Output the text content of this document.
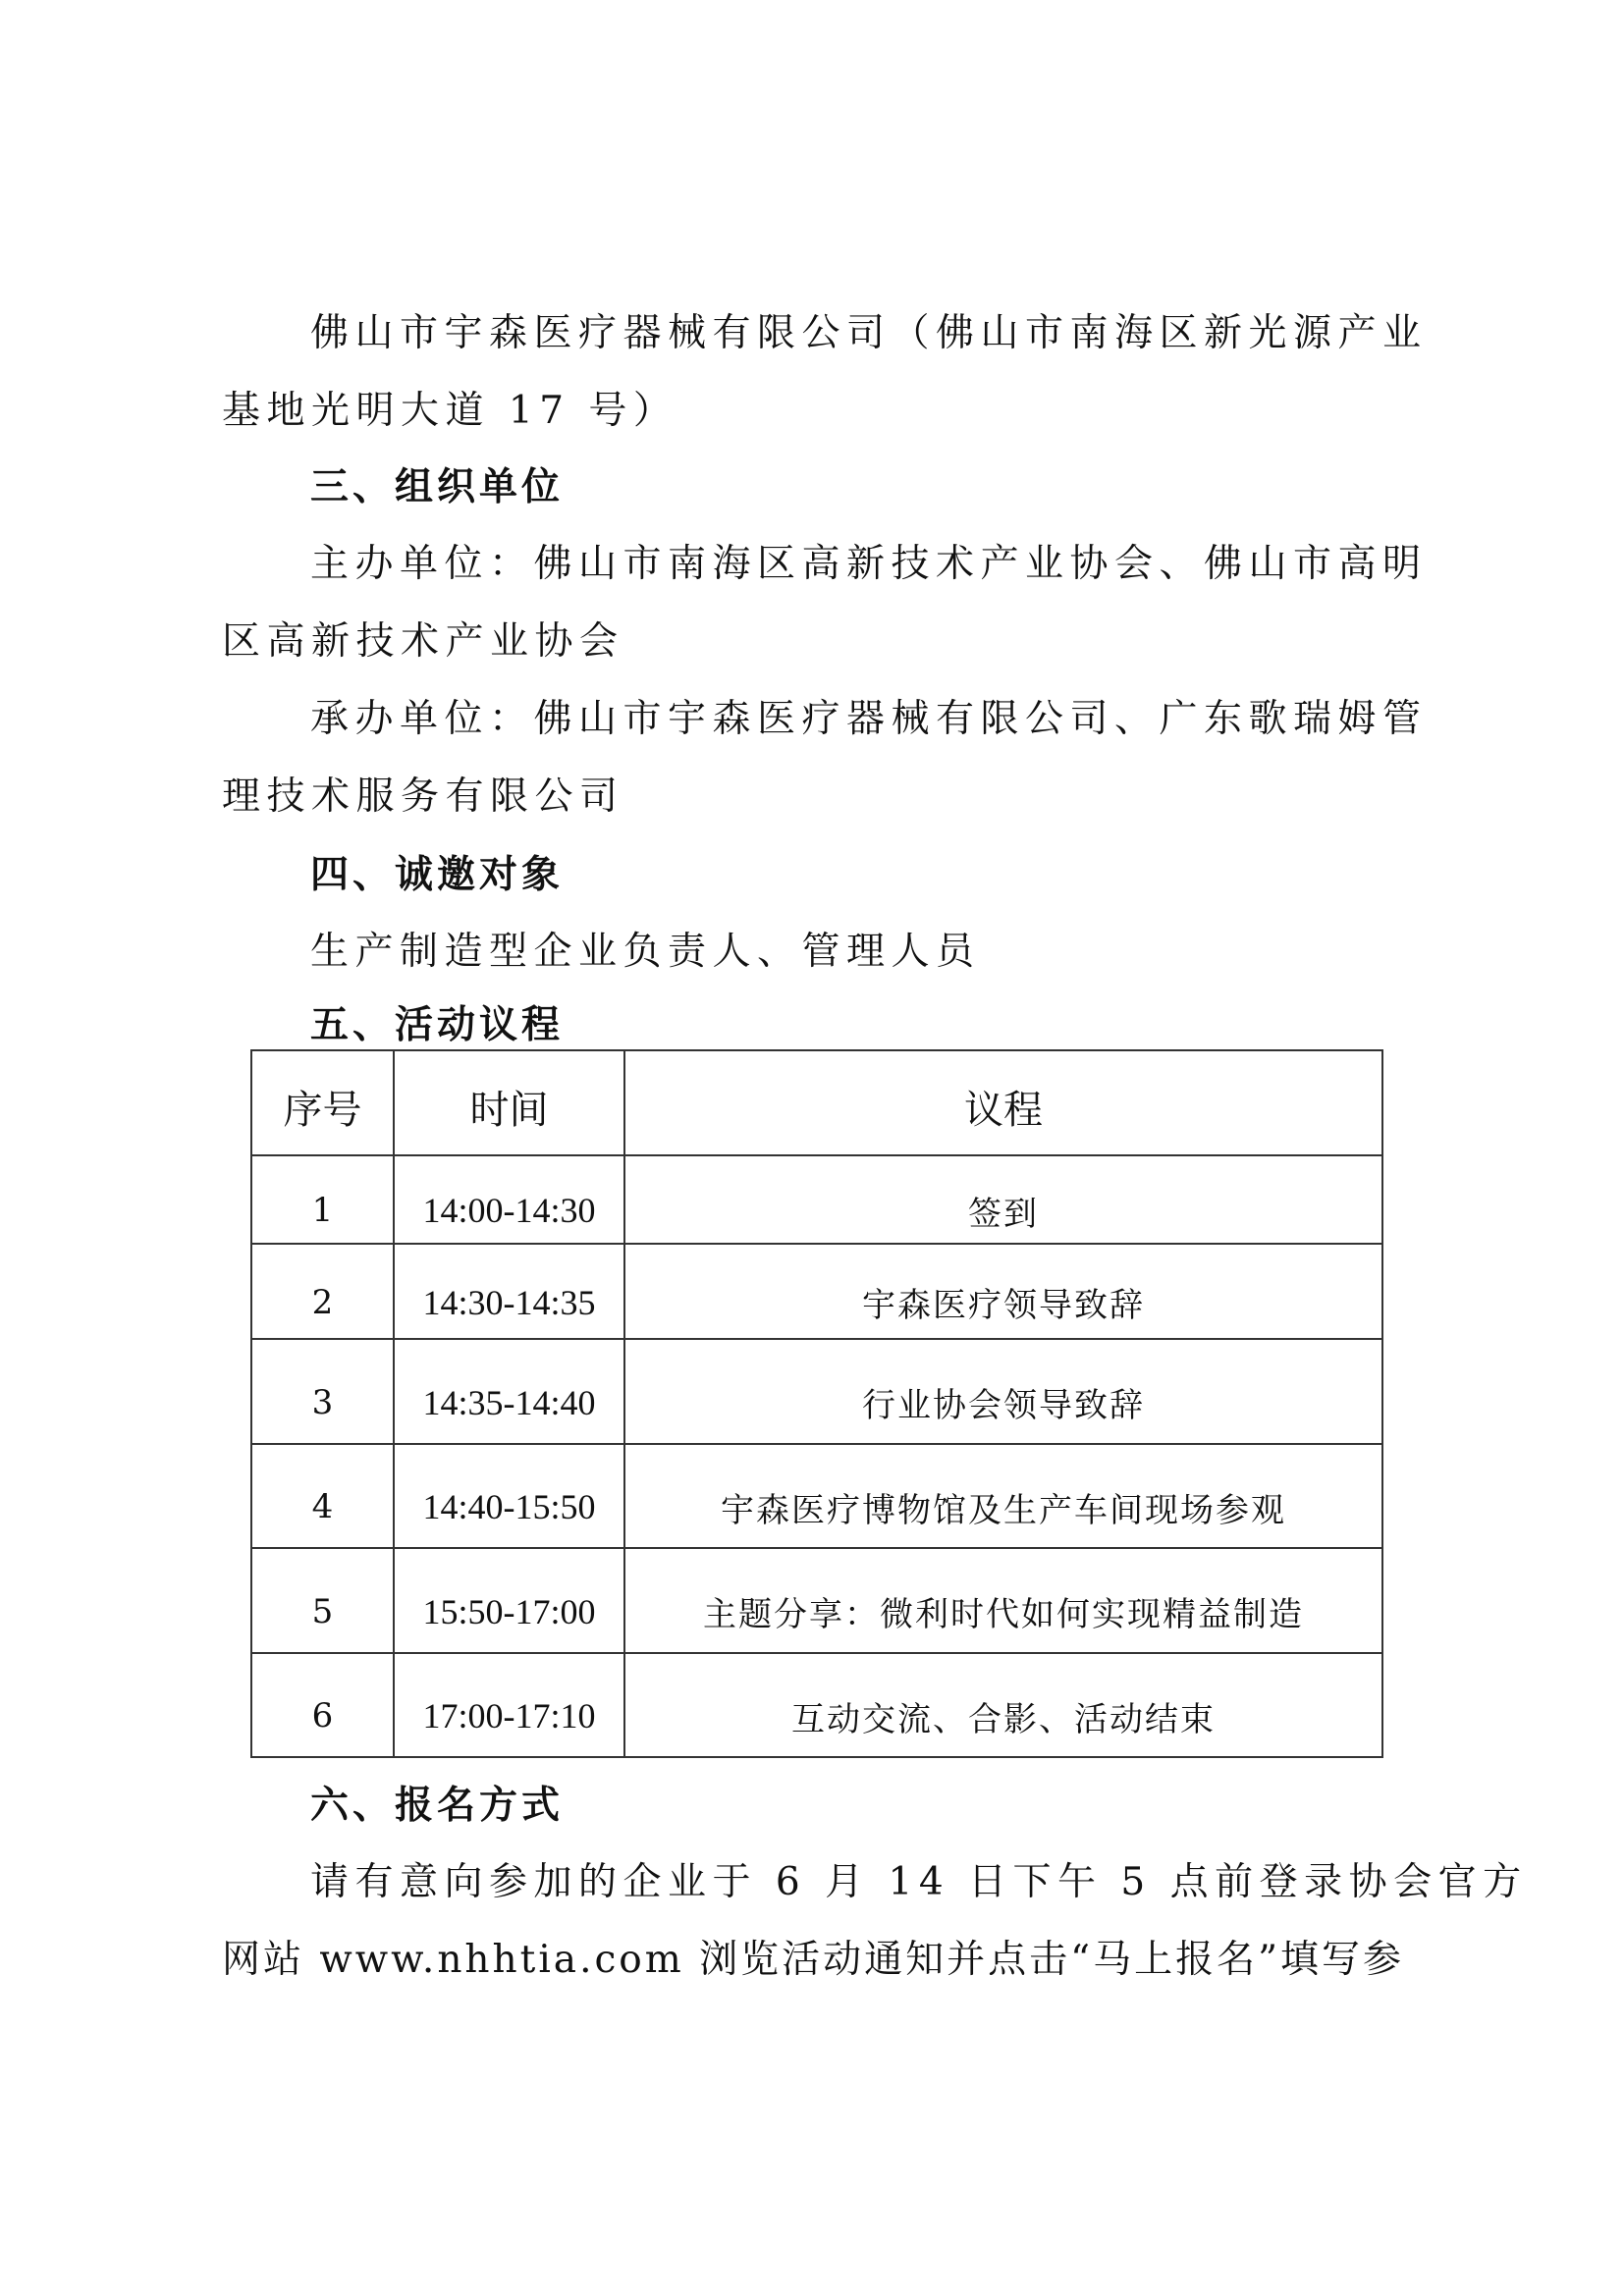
佛山市宇森医疗器械有限公司（佛山市南海区新光源产业
基地光明大道 17 号）
三、组织单位
主办单位：佛山市南海区高新技术产业协会、佛山市高明
区高新技术产业协会
承办单位：佛山市宇森医疗器械有限公司、广东歌瑞姆管
理技术服务有限公司
四、诚邀对象
生产制造型企业负责人、管理人员
五、活动议程
序号	时间	议程
1	14:00-14:30	签到
2	14:30-14:35	宇森医疗领导致辞
3	14:35-14:40	行业协会领导致辞
4	14:40-15:50	宇森医疗博物馆及生产车间现场参观
5	15:50-17:00	主题分享：微利时代如何实现精益制造
6	17:00-17:10	互动交流、合影、活动结束
六、报名方式
请有意向参加的企业于 6 月 14 日下午 5 点前登录协会官方
网站 www.nhhtia.com 浏览活动通知并点击“马上报名”填写参
